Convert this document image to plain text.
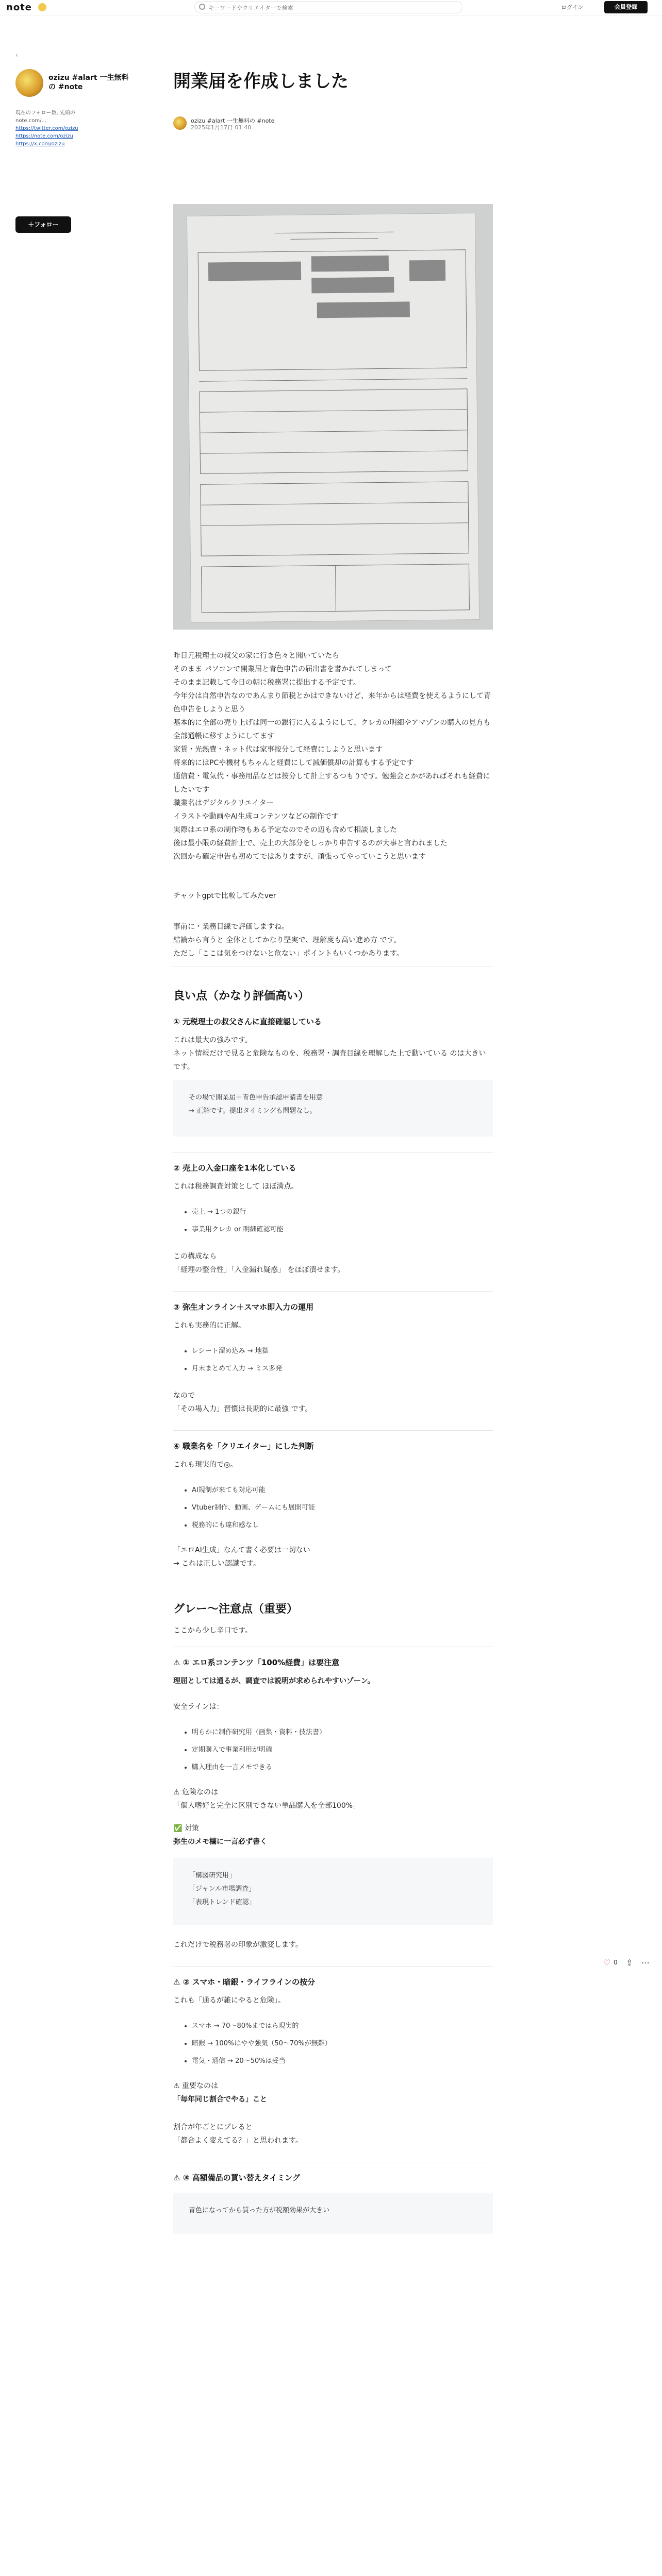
note
キーワードやクリエイターで検索	ログイン	会員登録
‹
ozizu #alart 一生無料の #note
現在のフォロー数, 先頭の note.com/…
https://twitter.com/ozizu
https://note.com/ozizu
https://x.com/ozizu
＋フォロー
開業届を作成しました
ozizu #alart 一生無料の #note
2025年1月17日 01:40
昨日元税理士の叔父の家に行き色々と聞いていたら
そのまま パソコンで開業届と青色申告の届出書を書かれてしまって
そのまま記載して今日の朝に税務署に提出する予定です。
今年分は自然申告なのであんまり節税とかはできないけど、来年からは経費を使えるようにして青色申告をしようと思う
基本的に全部の売り上げは同一の銀行に入るようにして、クレカの明細やアマゾンの購入の見方も全部通帳に移すようにしてます
家賃・光熱費・ネット代は家事按分して経費にしようと思います
将来的にはPCや機材もちゃんと経費にして減価償却の計算もする予定です
通信費・電気代・事務用品などは按分して計上するつもりです。勉強会とかがあればそれも経費にしたいです
職業名はデジタルクリエイター
イラストや動画やAI生成コンテンツなどの制作です
実際はエロ系の制作物もある予定なのでその辺も含めて相談しました
後は最小限の経費計上で、売上の大部分をしっかり申告するのが大事と言われました
次回から確定申告も初めてではありますが、頑張ってやっていこうと思います
チャットgptで比較してみたver
事前に・業務目線で評価しますね。
結論から言うと 全体としてかなり堅実で、理解度も高い進め方 です。
ただし「ここは気をつけないと危ない」ポイントもいくつかあります。
良い点（かなり評価高い）
① 元税理士の叔父さんに直接確認している
これは最大の強みです。
ネット情報だけで見ると危険なものを、税務署・調査目線を理解した上で動いている のは大きいです。
その場で開業届＋青色申告承認申請書を用意
→ 正解です。提出タイミングも問題なし。
② 売上の入金口座を1本化している
これは税務調査対策として ほぼ満点。
• 売上 → 1つの銀行
• 事業用クレカ or 明細確認可能
この構成なら
「経理の整合性」「入金漏れ疑惑」 をほぼ潰せます。
③ 弥生オンライン＋スマホ即入力の運用
これも実務的に正解。
• レシート溜め込み → 地獄
• 月末まとめて入力 → ミス多発
なので
「その場入力」習慣は長期的に最強 です。
④ 職業名を「クリエイター」にした判断
これも現実的で◎。
• AI規制が来ても対応可能
• Vtuber制作、動画、ゲームにも展開可能
• 税務的にも違和感なし
「エロAI生成」なんて書く必要は一切ない
→ これは正しい認識です。
グレー〜注意点（重要）
ここから少し辛口です。
⚠ ① エロ系コンテンツ「100%経費」は要注意
理屈としては通るが、調査では説明が求められやすいゾーン。
安全ラインは：
• 明らかに制作研究用（画集・資料・技法書）
• 定期購入で事業利用が明確
• 購入理由を一言メモできる
⚠ 危険なのは
「個人嗜好と完全に区別できない単品購入を全部100%」
✅ 対策
弥生のメモ欄に一言必ず書く
「構図研究用」
「ジャンル市場調査」
「表現トレンド確認」
これだけで税務署の印象が激変します。
⚠ ② スマホ・暗銀・ライフラインの按分
これも「通るが雑にやると危険」。
• スマホ → 70〜80%まではら現実的
• 暗銀 → 100%はやや強気（50〜70%が無難）
• 電気・通信 → 20〜50%は妥当
⚠ 重要なのは
「毎年同じ割合でやる」こと
割合が年ごとにブレると
「都合よく変えてる？」と思われます。
⚠ ③ 高額備品の買い替えタイミング
青色になってから買った方が税額効果が大きい
♡ 0 ⇪ ⋯
